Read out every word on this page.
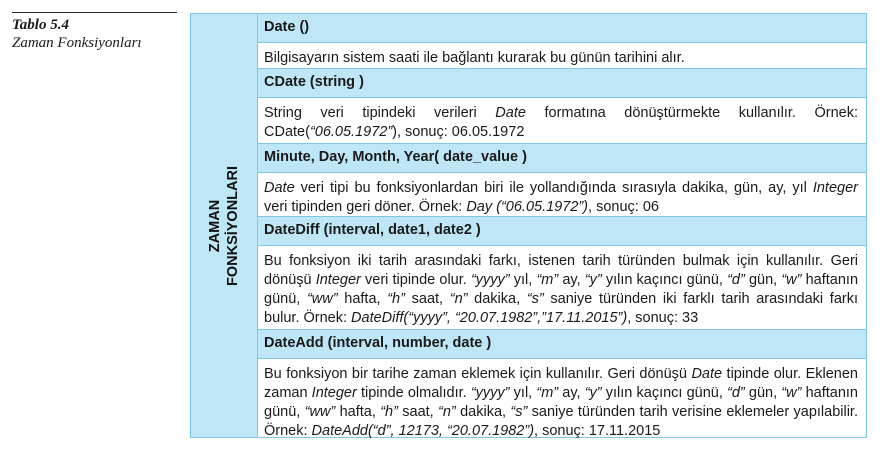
Tablo 5.4
Zaman Fonksiyonları
ZAMAN FONKSİYONLARI
Date ()
Bilgisayarın sistem saati ile bağlantı kurarak bu günün tarihini alır.
CDate (string )
String veri tipindeki verileri Date formatına dönüştürmekte kullanılır. Örnek: CDate(“06.05.1972”), sonuç: 06.05.1972
Minute, Day, Month, Year( date_value )
Date veri tipi bu fonksiyonlardan biri ile yollandığında sırasıyla dakika, gün, ay, yıl Integer veri tipinden geri döner. Örnek: Day (“06.05.1972”), sonuç: 06
DateDiff (interval, date1, date2 )
Bu fonksiyon iki tarih arasındaki farkı, istenen tarih türünden bulmak için kullanılır. Geri dönüşü Integer veri tipinde olur. “yyyy” yıl, “m” ay, “y” yılın kaçıncı günü, “d” gün, “w” haftanın günü, “ww” hafta, “h” saat, “n” dakika, “s” saniye türünden iki farklı tarih arasındaki farkı bulur. Örnek: DateDiff(“yyyy”, “20.07.1982”,”17.11.2015”), sonuç: 33
DateAdd (interval, number, date )
Bu fonksiyon bir tarihe zaman eklemek için kullanılır. Geri dönüşü Date tipinde olur. Eklenen zaman Integer tipinde olmalıdır. “yyyy” yıl, “m” ay, “y” yılın kaçıncı günü, “d” gün, “w” haftanın günü, “ww” hafta, “h” saat, “n” dakika, “s” saniye türünden tarih verisine eklemeler yapılabilir. Örnek: DateAdd(“d”, 12173, “20.07.1982”), sonuç: 17.11.2015
